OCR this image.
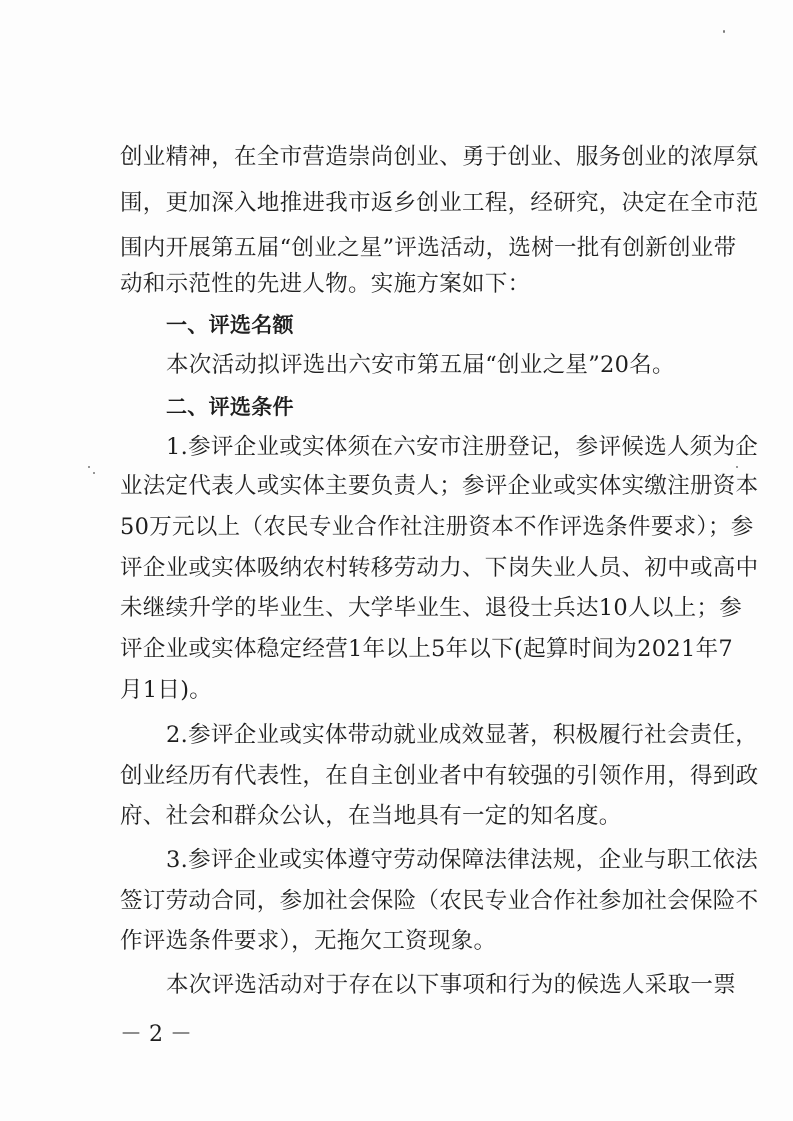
创业精神，在全市营造崇尚创业、勇于创业、服务创业的浓厚氛
围，更加深入地推进我市返乡创业工程，经研究，决定在全市范
围内开展第五届“创业之星”评选活动，选树一批有创新创业带
动和示范性的先进人物。实施方案如下：
一、评选名额
本次活动拟评选出六安市第五届“创业之星”20名。
二、评选条件
1.参评企业或实体须在六安市注册登记，参评候选人须为企
业法定代表人或实体主要负责人；参评企业或实体实缴注册资本
50万元以上（农民专业合作社注册资本不作评选条件要求）；参
评企业或实体吸纳农村转移劳动力、下岗失业人员、初中或高中
未继续升学的毕业生、大学毕业生、退役士兵达10人以上；参
评企业或实体稳定经营1年以上5年以下(起算时间为2021年7
月1日)。
2.参评企业或实体带动就业成效显著，积极履行社会责任，
创业经历有代表性，在自主创业者中有较强的引领作用，得到政
府、社会和群众公认，在当地具有一定的知名度。
3.参评企业或实体遵守劳动保障法律法规，企业与职工依法
签订劳动合同，参加社会保险（农民专业合作社参加社会保险不
作评选条件要求），无拖欠工资现象。
本次评选活动对于存在以下事项和行为的候选人采取一票
－ 2 －
